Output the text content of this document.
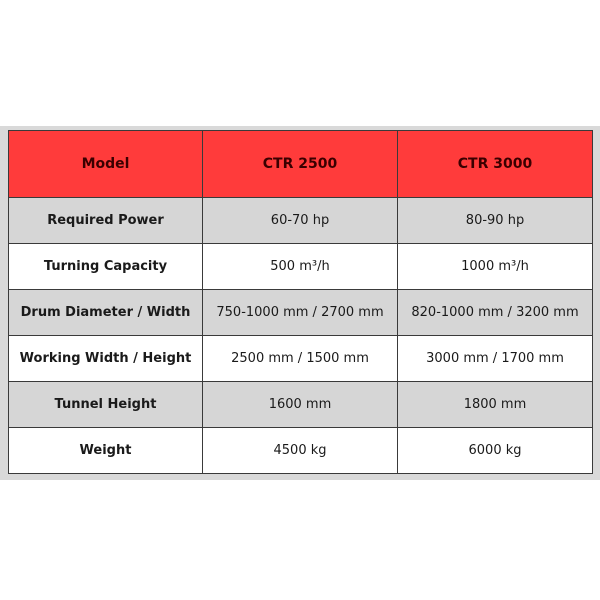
Model	CTR 2500	CTR 3000
Required Power	60-70 hp	80-90 hp
Turning Capacity	500 m³/h	1000 m³/h
Drum Diameter / Width	750-1000 mm / 2700 mm	820-1000 mm / 3200 mm
Working Width / Height	2500 mm / 1500 mm	3000 mm / 1700 mm
Tunnel Height	1600 mm	1800 mm
Weight	4500 kg	6000 kg
